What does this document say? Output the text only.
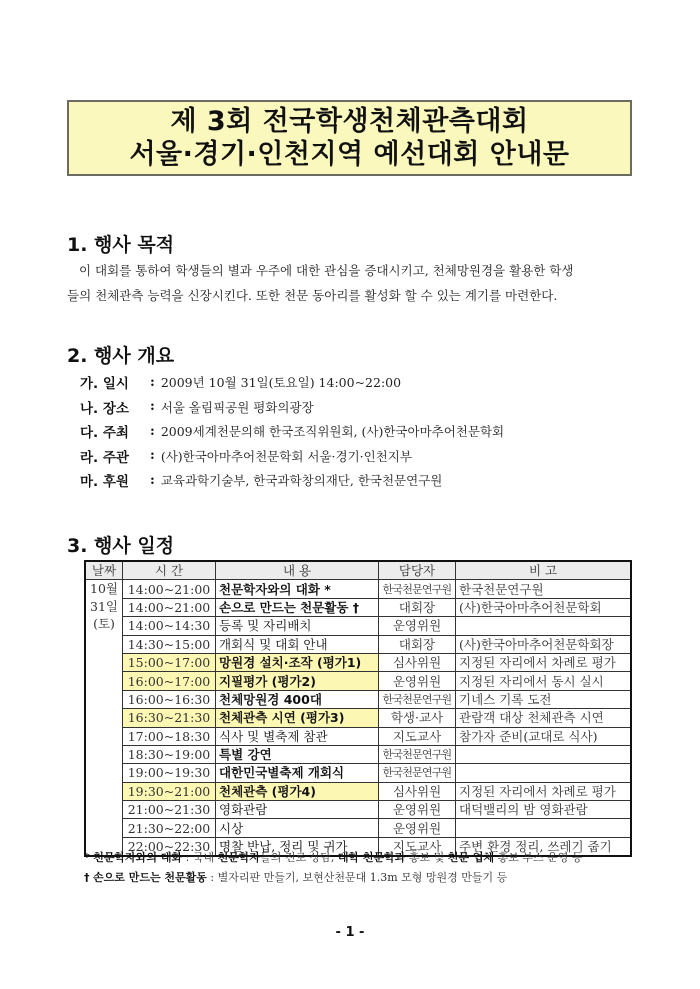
제 3회 전국학생천체관측대회
서울·경기·인천지역 예선대회 안내문
1. 행사 목적
이 대회를 통하여 학생들의 별과 우주에 대한 관심을 증대시키고, 천체망원경을 활용한 학생
들의 천체관측 능력을 신장시킨다. 또한 천문 동아리를 활성화 할 수 있는 계기를 마련한다.
2. 행사 개요
가. 일시	: 2009년 10월 31일(토요일) 14:00~22:00
나. 장소	: 서울 올림픽공원 평화의광장
다. 주최	: 2009세계천문의해 한국조직위원회, (사)한국아마추어천문학회
라. 주관	: (사)한국아마추어천문학회 서울·경기·인천지부
마. 후원	: 교육과학기술부, 한국과학창의재단, 한국천문연구원
3. 행사 일정
날짜	시 간	내 용	담당자	비 고

10월
31일
(토)	14:00~21:00	천문학자와의 대화 *	한국천문연구원	한국천문연구원
	14:00~21:00	손으로 만드는 천문활동 †	대회장	(사)한국아마추어천문학회
	14:00~14:30	등록 및 자리배치	운영위원	
	14:30~15:00	개회식 및 대회 안내	대회장	(사)한국아마추어천문학회장
	15:00~17:00	망원경 설치·조작 (평가1)	심사위원	지정된 자리에서 차례로 평가
	16:00~17:00	지필평가 (평가2)	운영위원	지정된 자리에서 동시 실시
	16:00~16:30	천체망원경 400대	한국천문연구원	기네스 기록 도전
	16:30~21:30	천체관측 시연 (평가3)	학생·교사	관람객 대상 천체관측 시연
	17:00~18:30	식사 및 별축제 참관	지도교사	참가자 준비(교대로 식사)
	18:30~19:00	특별 강연	한국천문연구원	
	19:00~19:30	대한민국별축제 개회식	한국천문연구원	
	19:30~21:00	천체관측 (평가4)	심사위원	지정된 자리에서 차례로 평가
	21:00~21:30	영화관람	운영위원	대덕밸리의 밤 영화관람
	21:30~22:00	시상	운영위원	
	22:00~22:30	명찰 반납, 정리 및 귀가	지도교사	주변 환경 정리, 쓰레기 줍기
* 천문학자와의 대화 : 국내 천문학자들의 진로 상담, 대학 천문학과 홍보 및 천문 업체 홍보 부스 운영 등
† 손으로 만드는 천문활동 : 별자리판 만들기, 보현산천문대 1.3m 모형 망원경 만들기 등
- 1 -
